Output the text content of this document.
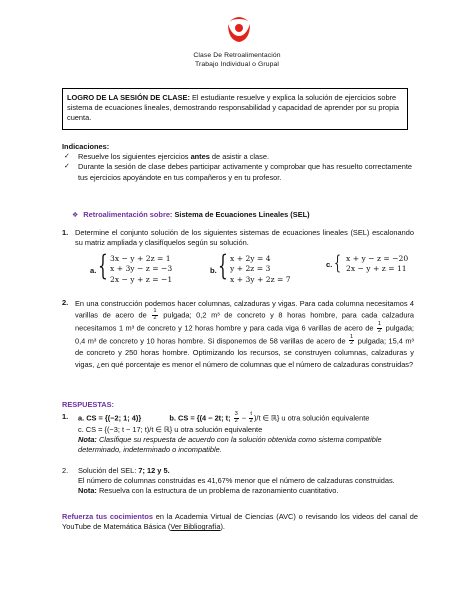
Clase De Retroalimentación
Trabajo Individual o Grupal
LOGRO DE LA SESIÓN DE CLASE: El estudiante resuelve y explica la solución de ejercicios sobre sistema de ecuaciones lineales, demostrando responsabilidad y capacidad de aprender por su propia cuenta.
Indicaciones:
✓ Resuelve los siguientes ejercicios antes de asistir a clase.
✓ Durante la sesión de clase debes participar activamente y comprobar que has resuelto correctamente tus ejercicios apoyándote en tus compañeros y en tu profesor.
❖ Retroalimentación sobre: Sistema de Ecuaciones Lineales (SEL)
1. Determine el conjunto solución de los siguientes sistemas de ecuaciones lineales (SEL) escalonando su matriz ampliada y clasifíquelos según su solución.
a. { 3x − y + 2z = 1
x + 3y − z = −3
2x − y + z = −1
b. { x + 2y = 4
y + 2z = 3
x + 3y + 2z = 7
c. { x + y − z = −20
2x − y + z = 11
2. En una construcción podemos hacer columnas, calzaduras y vigas. Para cada columna necesitamos 4 varillas de acero de $\frac{1}{2}$ pulgada; 0,2 m³ de concreto y 8 horas hombre, para cada calzadura necesitamos 1 m³ de concreto y 12 horas hombre y para cada viga 6 varillas de acero de $\frac{1}{2}$ pulgada; 0,4 m³ de concreto y 10 horas hombre. Si disponemos de 58 varillas de acero de $\frac{1}{2}$ pulgada; 15,4 m³ de concreto y 250 horas hombre. Optimizando los recursos, se construyen columnas, calzaduras y vigas, ¿en qué porcentaje es menor el número de columnas que el número de calzaduras construidas?
RESPUESTAS:
1. a. CS = {(−2; 1; 4)}	b. CS = {(4 − 2t; t; $\frac{3}{2} - \frac{t}{2} )/t$ ∈ ℝ} u otra solución equivalente
c. CS = {(−3; t − 17; t)/t ∈ ℝ} u otra solución equivalente
Nota: Clasifique su respuesta de acuerdo con la solución obtenida como sistema compatible determinado, indeterminado o incompatible.
2. Solución del SEL: 7; 12 y 5.
El número de columnas construidas es 41,67% menor que el número de calzaduras construidas.
Nota: Resuelva con la estructura de un problema de razonamiento cuantitativo.
Refuerza tus cocimientos en la Academia Virtual de Ciencias (AVC) o revisando los videos del canal de YouTube de Matemática Básica (Ver Bibliografía).
